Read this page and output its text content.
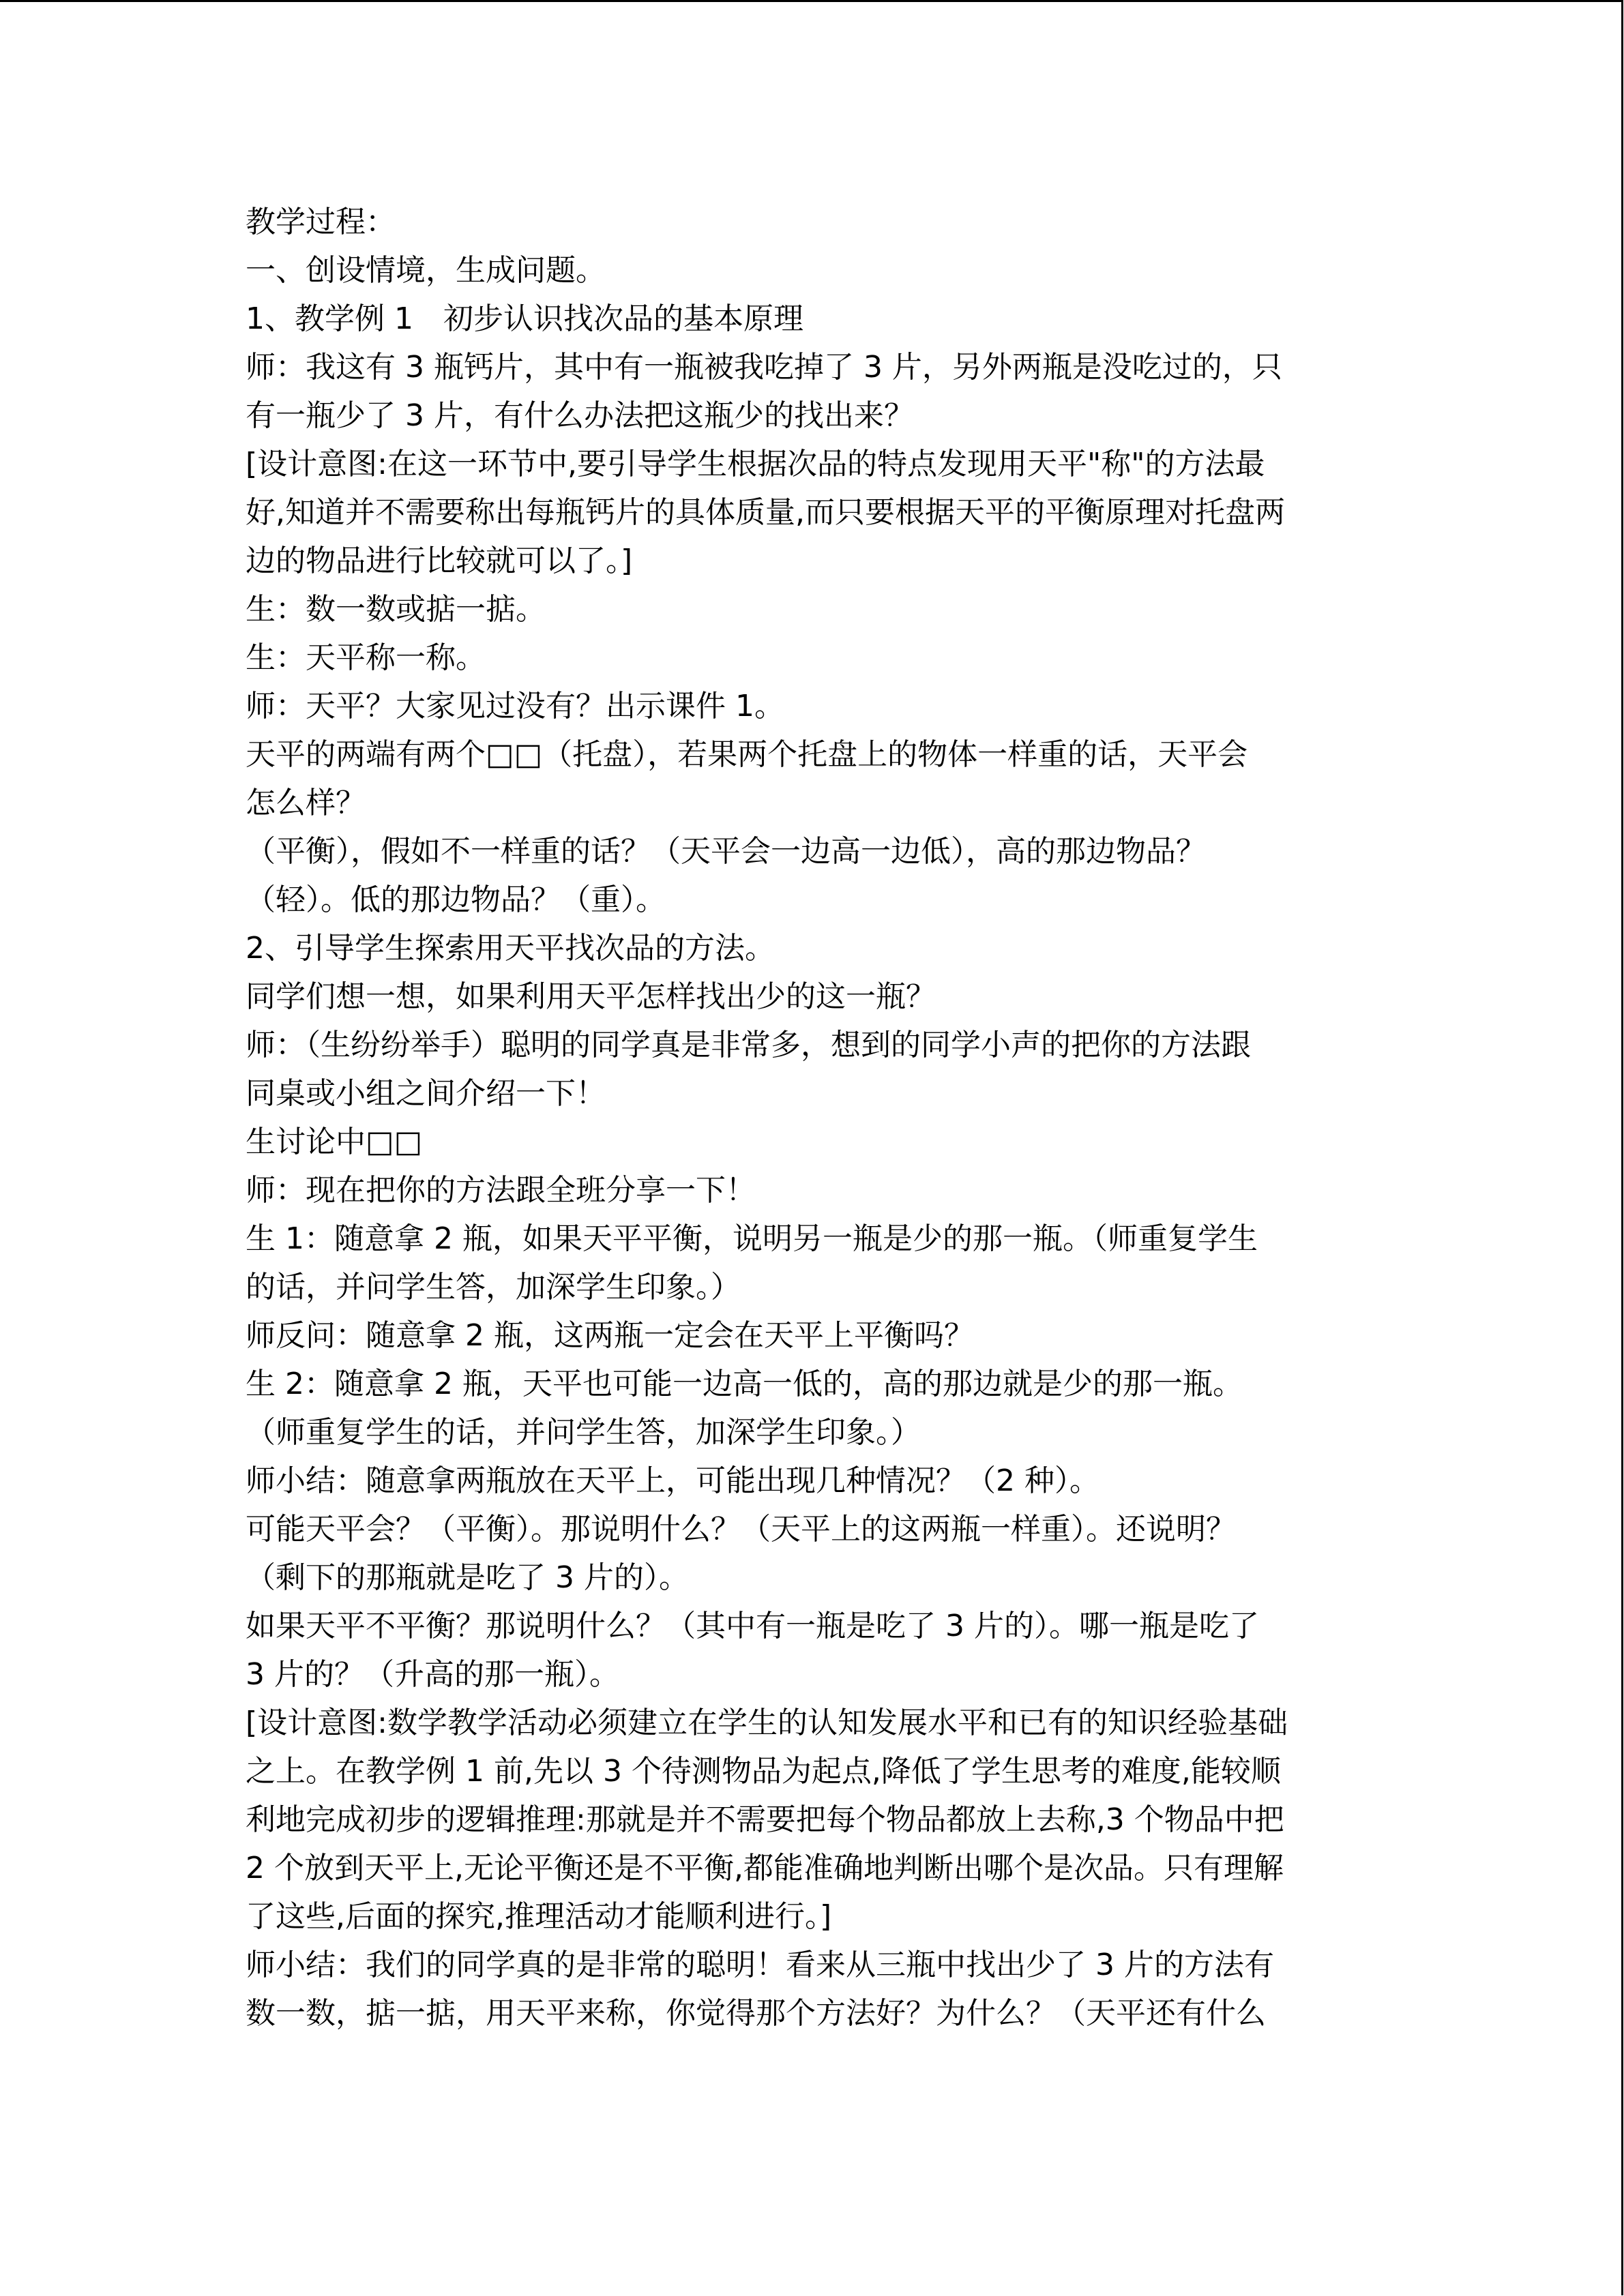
教学过程：

一、创设情境，生成问题。

1、教学例 1　初步认识找次品的基本原理

师：我这有 3 瓶钙片，其中有一瓶被我吃掉了 3 片，另外两瓶是没吃过的，只

有一瓶少了 3 片，有什么办法把这瓶少的找出来？

[设计意图:在这一环节中,要引导学生根据次品的特点发现用天平"称"的方法最

好,知道并不需要称出每瓶钙片的具体质量,而只要根据天平的平衡原理对托盘两

边的物品进行比较就可以了。]

生：数一数或掂一掂。

生：天平称一称。

师：天平？大家见过没有？出示课件 1。

天平的两端有两个□□（托盘），若果两个托盘上的物体一样重的话，天平会

怎么样？

（平衡），假如不一样重的话？（天平会一边高一边低），高的那边物品？

（轻）。低的那边物品？（重）。

2、引导学生探索用天平找次品的方法。

同学们想一想，如果利用天平怎样找出少的这一瓶？

师：（生纷纷举手）聪明的同学真是非常多，想到的同学小声的把你的方法跟

同桌或小组之间介绍一下！

生讨论中□□

师：现在把你的方法跟全班分享一下！

生 1：随意拿 2 瓶，如果天平平衡，说明另一瓶是少的那一瓶。（师重复学生

的话，并问学生答，加深学生印象。）

师反问：随意拿 2 瓶，这两瓶一定会在天平上平衡吗？

生 2：随意拿 2 瓶，天平也可能一边高一低的，高的那边就是少的那一瓶。

（师重复学生的话，并问学生答，加深学生印象。）

师小结：随意拿两瓶放在天平上，可能出现几种情况？（2 种）。

可能天平会？（平衡）。那说明什么？（天平上的这两瓶一样重）。还说明？

（剩下的那瓶就是吃了 3 片的）。

如果天平不平衡？那说明什么？（其中有一瓶是吃了 3 片的）。哪一瓶是吃了

3 片的？（升高的那一瓶）。

[设计意图:数学教学活动必须建立在学生的认知发展水平和已有的知识经验基础

之上。在教学例 1 前,先以 3 个待测物品为起点,降低了学生思考的难度,能较顺

利地完成初步的逻辑推理:那就是并不需要把每个物品都放上去称,3 个物品中把

2 个放到天平上,无论平衡还是不平衡,都能准确地判断出哪个是次品。只有理解

了这些,后面的探究,推理活动才能顺利进行。]

师小结：我们的同学真的是非常的聪明！看来从三瓶中找出少了 3 片的方法有

数一数，掂一掂，用天平来称，你觉得那个方法好？为什么？（天平还有什么
